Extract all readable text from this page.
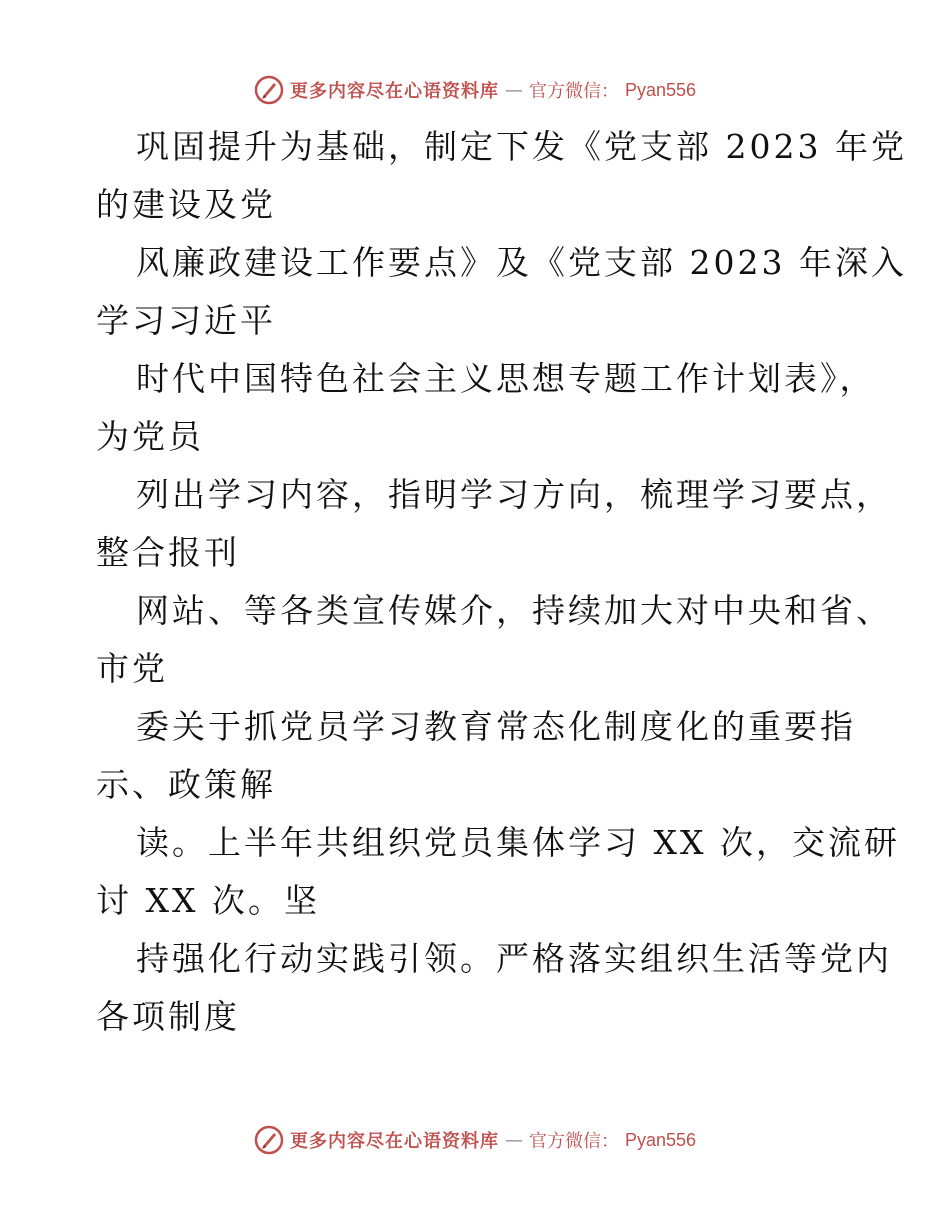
更多内容尽在心语资料库 — 官方微信： Pyan556

巩固提升为基础，制定下发《党支部 2023 年党
的建设及党

风廉政建设工作要点》及《党支部 2023 年深入
学习习近平

时代中国特色社会主义思想专题工作计划表》，
为党员

列出学习内容，指明学习方向，梳理学习要点，
整合报刊

网站、等各类宣传媒介，持续加大对中央和省、
市党

委关于抓党员学习教育常态化制度化的重要指
示、政策解

读。上半年共组织党员集体学习 XX 次，交流研
讨 XX 次。坚

持强化行动实践引领。严格落实组织生活等党内
各项制度

更多内容尽在心语资料库 — 官方微信： Pyan556
